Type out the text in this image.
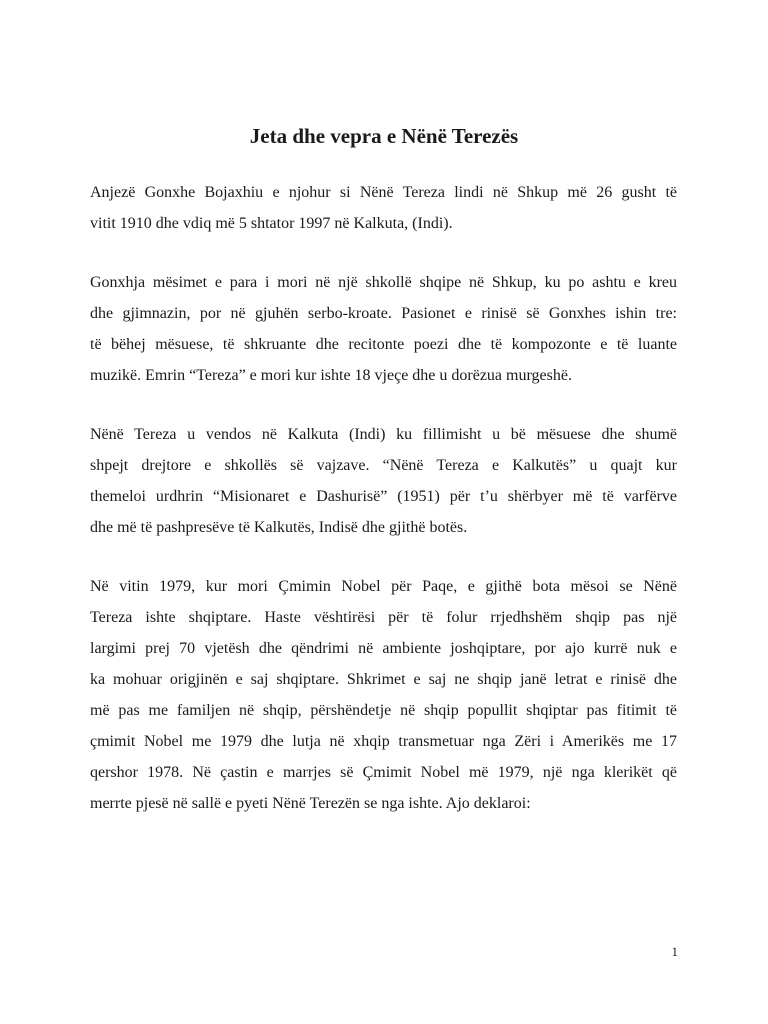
Jeta dhe vepra e Nënë Terezës

Anjezë Gonxhe Bojaxhiu e njohur si Nënë Tereza lindi në Shkup më 26 gusht të
vitit 1910 dhe vdiq më 5 shtator 1997 në Kalkuta, (Indi).

Gonxhja mësimet e para i mori në një shkollë shqipe në Shkup, ku po ashtu e kreu
dhe gjimnazin, por në gjuhën serbo-kroate. Pasionet e rinisë së Gonxhes ishin tre:
të bëhej mësuese, të shkruante dhe recitonte poezi dhe të kompozonte e të luante
muzikë. Emrin “Tereza” e mori kur ishte 18 vjeçe dhe u dorëzua murgeshë.

Nënë Tereza u vendos në Kalkuta (Indi) ku fillimisht u bë mësuese dhe shumë
shpejt drejtore e shkollës së vajzave. “Nënë Tereza e Kalkutës” u quajt kur
themeloi urdhrin “Misionaret e Dashurisë” (1951) për t’u shërbyer më të varfërve
dhe më të pashpresëve të Kalkutës, Indisë dhe gjithë botës.

Në vitin 1979, kur mori Çmimin Nobel për Paqe, e gjithë bota mësoi se Nënë
Tereza ishte shqiptare. Haste vështirësi për të folur rrjedhshëm shqip pas një
largimi prej 70 vjetësh dhe qëndrimi në ambiente joshqiptare, por ajo kurrë nuk e
ka mohuar origjinën e saj shqiptare. Shkrimet e saj ne shqip janë letrat e rinisë dhe
më pas me familjen në shqip, përshëndetje në shqip popullit shqiptar pas fitimit të
çmimit Nobel me 1979 dhe lutja në xhqip transmetuar nga Zëri i Amerikës me 17
qershor 1978. Në çastin e marrjes së Çmimit Nobel më 1979, një nga klerikët që
merrte pjesë në sallë e pyeti Nënë Terezën se nga ishte. Ajo deklaroi:

1
